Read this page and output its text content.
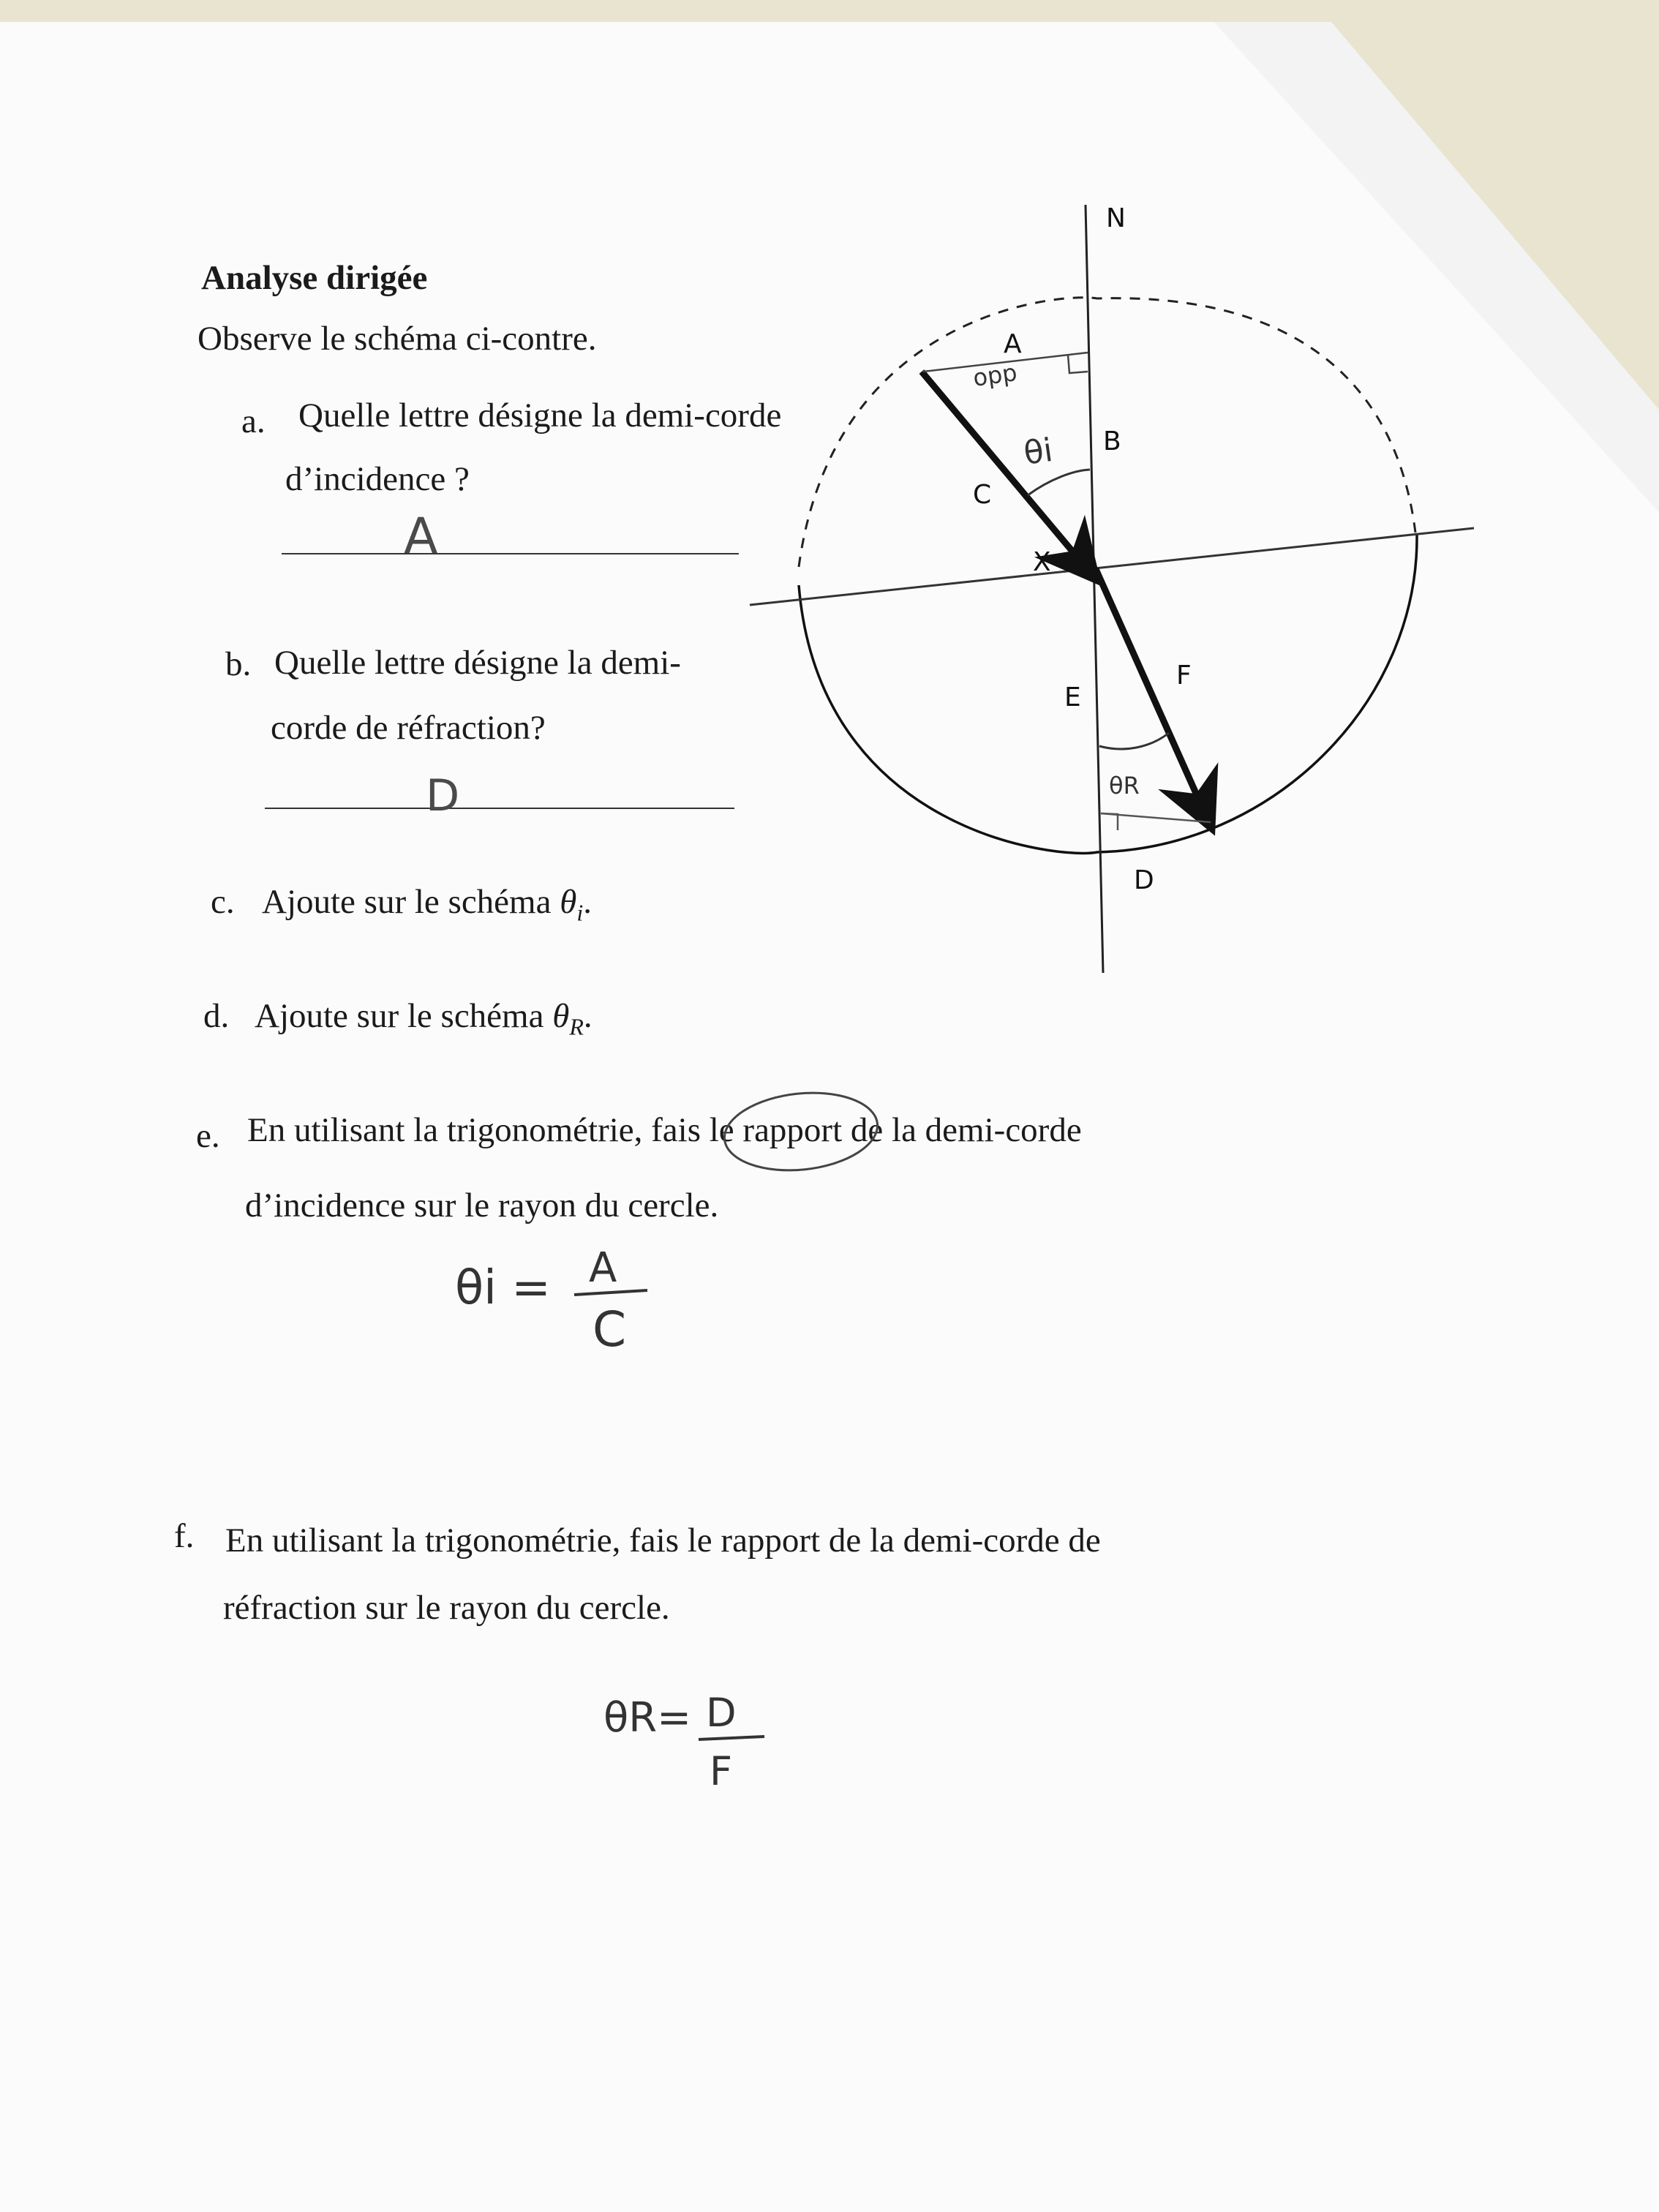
Analyse dirigée
Observe le schéma ci-contre.
a. Quelle lettre désigne la demi-corde
d’incidence ?
A
b. Quelle lettre désigne la demi-
corde de réfraction?
D
c. Ajoute sur le schéma $\theta_i$.
d. Ajoute sur le schéma $\theta_R$.
e. En utilisant la trigonométrie, fais le rapport de la demi-corde
d’incidence sur le rayon du cercle.
θi = A
C
f. En utilisant la trigonométrie, fais le rapport de la demi-corde de
réfraction sur le rayon du cercle.
θR= D
F
N
A
B
C
X
E
F
D
opp
θi
θR
